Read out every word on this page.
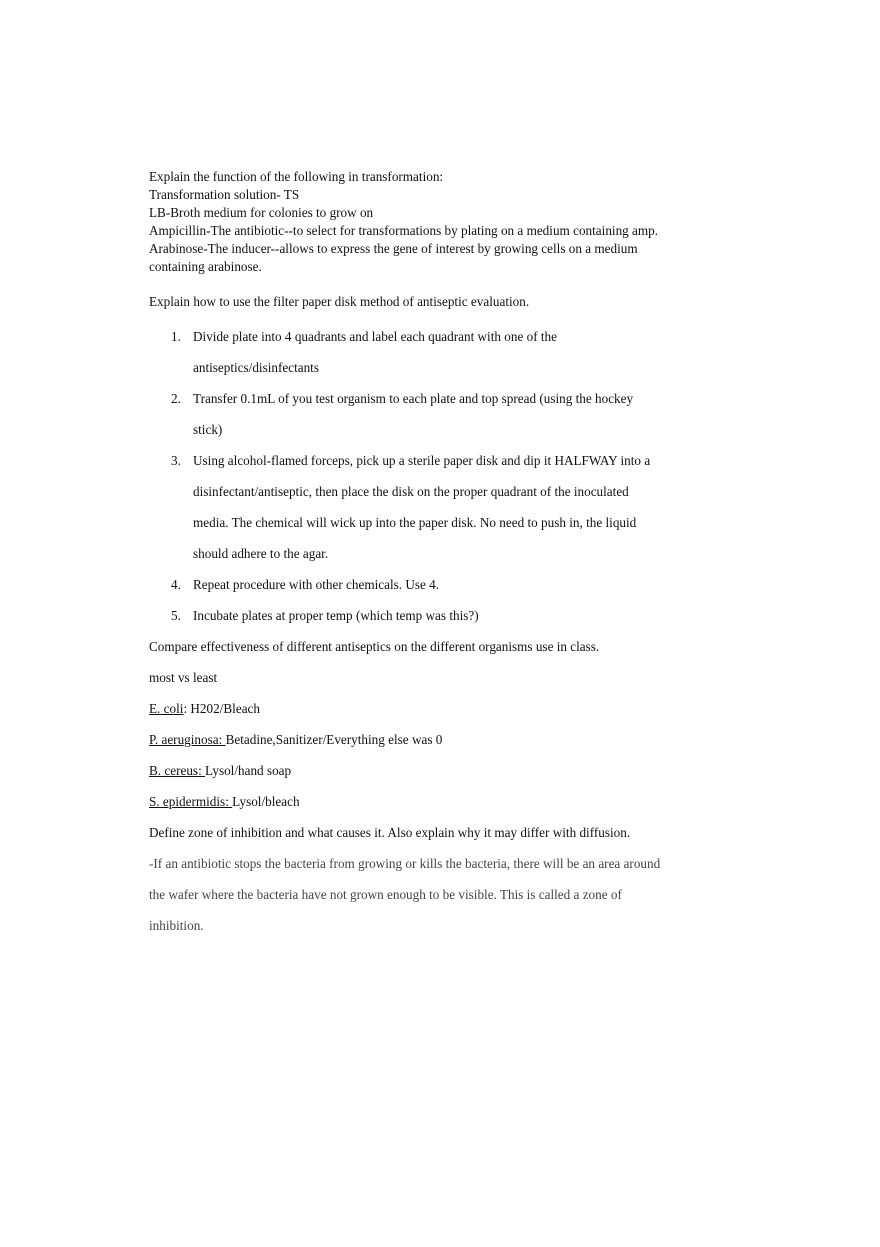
Explain the function of the following in transformation:

Transformation solution- TS

LB-Broth medium for colonies to grow on

Ampicillin-The antibiotic--to select for transformations by plating on a medium containing amp.

Arabinose-The inducer--allows to express the gene of interest by growing cells on a medium

containing arabinose.

Explain how to use the filter paper disk method of antiseptic evaluation.

1. Divide plate into 4 quadrants and label each quadrant with one of the
antiseptics/disinfectants
2. Transfer 0.1mL of you test organism to each plate and top spread (using the hockey
stick)
3. Using alcohol-flamed forceps, pick up a sterile paper disk and dip it HALFWAY into a
disinfectant/antiseptic, then place the disk on the proper quadrant of the inoculated
media. The chemical will wick up into the paper disk. No need to push in, the liquid
should adhere to the agar.
4. Repeat procedure with other chemicals. Use 4.
5. Incubate plates at proper temp (which temp was this?)

Compare effectiveness of different antiseptics on the different organisms use in class.

most vs least

E. coli: H202/Bleach

P. aeruginosa: Betadine,Sanitizer/Everything else was 0

B. cereus: Lysol/hand soap

S. epidermidis: Lysol/bleach

Define zone of inhibition and what causes it. Also explain why it may differ with diffusion.

-If an antibiotic stops the bacteria from growing or kills the bacteria, there will be an area around

the wafer where the bacteria have not grown enough to be visible. This is called a zone of

inhibition.
